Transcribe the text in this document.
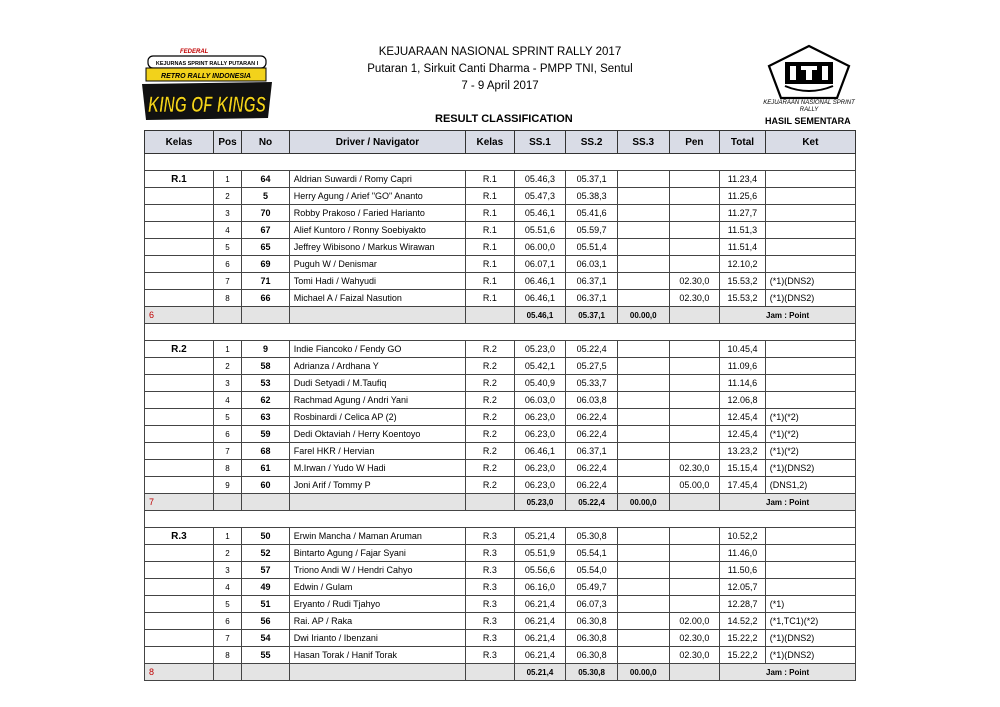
FEDERAL
KEJURNAS SPRINT RALLY PUTARAN I
RETRO RALLY INDONESIA
KING OF KINGS
KEJUARAAN NASIONAL SPRINT RALLY 2017
Putaran 1, Sirkuit Canti Dharma - PMPP TNI, Sentul
7 - 9 April 2017
KEJUARAAN NASIONAL SPRINT RALLY
RESULT CLASSIFICATION	HASIL SEMENTARA
Kelas	Pos	No	Driver / Navigator	Kelas	SS.1	SS.2	SS.3	Pen	Total	Ket

R.1	1	64	Aldrian Suwardi / Romy Capri	R.1	05.46,3	05.37,1			11.23,4	
	2	5	Herry Agung / Arief "GO" Ananto	R.1	05.47,3	05.38,3			11.25,6	
	3	70	Robby Prakoso / Faried Harianto	R.1	05.46,1	05.41,6			11.27,7	
	4	67	Alief Kuntoro / Ronny Soebiyakto	R.1	05.51,6	05.59,7			11.51,3	
	5	65	Jeffrey Wibisono / Markus Wirawan	R.1	06.00,0	05.51,4			11.51,4	
	6	69	Puguh W / Denismar	R.1	06.07,1	06.03,1			12.10,2	
	7	71	Tomi Hadi / Wahyudi	R.1	06.46,1	06.37,1		02.30,0	15.53,2	(*1)(DNS2)
	8	66	Michael A / Faizal Nasution	R.1	06.46,1	06.37,1		02.30,0	15.53,2	(*1)(DNS2)
6					05.46,1	05.37,1	00.00,0		Jam : Point	

R.2	1	9	Indie Fiancoko / Fendy GO	R.2	05.23,0	05.22,4			10.45,4	
	2	58	Adrianza / Ardhana Y	R.2	05.42,1	05.27,5			11.09,6	
	3	53	Dudi Setyadi / M.Taufiq	R.2	05.40,9	05.33,7			11.14,6	
	4	62	Rachmad Agung / Andri Yani	R.2	06.03,0	06.03,8			12.06,8	
	5	63	Rosbinardi / Celica AP (2)	R.2	06.23,0	06.22,4			12.45,4	(*1)(*2)
	6	59	Dedi Oktaviah / Herry Koentoyo	R.2	06.23,0	06.22,4			12.45,4	(*1)(*2)
	7	68	Farel HKR / Hervian	R.2	06.46,1	06.37,1			13.23,2	(*1)(*2)
	8	61	M.Irwan / Yudo W Hadi	R.2	06.23,0	06.22,4		02.30,0	15.15,4	(*1)(DNS2)
	9	60	Joni Arif / Tommy P	R.2	06.23,0	06.22,4		05.00,0	17.45,4	(DNS1,2)
7					05.23,0	05.22,4	00.00,0		Jam : Point	

R.3	1	50	Erwin Mancha / Maman Aruman	R.3	05.21,4	05.30,8			10.52,2	
	2	52	Bintarto Agung / Fajar Syani	R.3	05.51,9	05.54,1			11.46,0	
	3	57	Triono Andi W / Hendri Cahyo	R.3	05.56,6	05.54,0			11.50,6	
	4	49	Edwin / Gulam	R.3	06.16,0	05.49,7			12.05,7	
	5	51	Eryanto / Rudi Tjahyo	R.3	06.21,4	06.07,3			12.28,7	(*1)
	6	56	Rai. AP / Raka	R.3	06.21,4	06.30,8		02.00,0	14.52,2	(*1,TC1)(*2)
	7	54	Dwi Irianto / Ibenzani	R.3	06.21,4	06.30,8		02.30,0	15.22,2	(*1)(DNS2)
	8	55	Hasan Torak / Hanif Torak	R.3	06.21,4	06.30,8		02.30,0	15.22,2	(*1)(DNS2)
8					05.21,4	05.30,8	00.00,0		Jam : Point	
